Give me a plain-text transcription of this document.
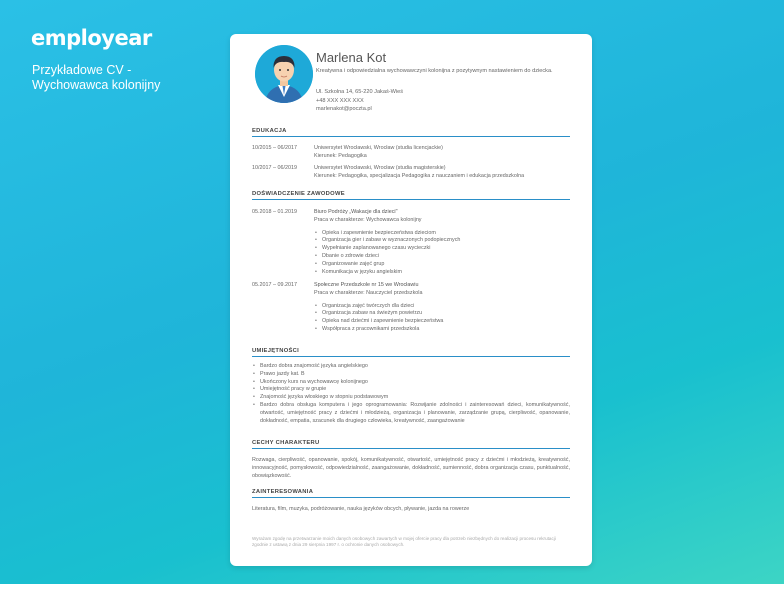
employear
Przykładowe CV -
Wychowawca kolonijny
Marlena Kot
Kreatywna i odpowiedzialna wychowawczyni kolonijna z pozytywnym nastawieniem do dziecka.
Ul. Szkolna 14, 65-220 Jakaś-Wieś
+48 XXX XXX XXX
marlenakot@poczta.pl
EDUKACJA
10/2015 – 06/2017	Uniwersytet Wrocławski, Wrocław (studia licencjackie)
Kierunek: Pedagogika
10/2017 – 06/2019	Uniwersytet Wrocławski, Wrocław (studia magisterskie)
Kierunek: Pedagogika, specjalizacja Pedagogika z nauczaniem i edukacja przedszkolna
DOŚWIADCZENIE ZAWODOWE
05.2018 – 01.2019	Biuro Podróży „Wakacje dla dzieci"
Praca w charakterze: Wychowawca kolonijny
• Opieka i zapewnienie bezpieczeństwa dzieciom
• Organizacja gier i zabaw w wyznaczonych podopiecznych
• Wypełnianie zaplanowanego czasu wycieczki
• Dbanie o zdrowie dzieci
• Organizowanie zajęć grup
• Komunikacja w języku angielskim
05.2017 – 09.2017	Społeczne Przedszkole nr 15 we Wrocławiu
Praca w charakterze: Nauczyciel przedszkola
• Organizacja zajęć twórczych dla dzieci
• Organizacja zabaw na świeżym powietrzu
• Opieka nad dziećmi i zapewnienie bezpieczeństwa
• Współpraca z pracownikami przedszkola
UMIEJĘTNOŚCI
• Bardzo dobra znajomość języka angielskiego
• Prawo jazdy kat. B
• Ukończony kurs na wychowawcę kolonijnego
• Umiejętność pracy w grupie
• Znajomość języka włoskiego w stopniu podstawowym
• Bardzo dobra obsługa komputera i jego oprogramowania: Rozwijanie zdolności i zainteresowań dzieci, komunikatywność, otwartość, umiejętność pracy z dziećmi i młodzieżą, organizacja i planowanie, zarządzanie grupą, cierpliwość, opanowanie, dokładność, empatia, szacunek dla drugiego człowieka, kreatywność, zaangażowanie
CECHY CHARAKTERU
Rozwaga, cierpliwość, opanowanie, spokój, komunikatywność, otwartość, umiejętność pracy z dziećmi i młodzieżą, kreatywność, innowacyjność, pomysłowość, odpowiedzialność, zaangażowanie, dokładność, sumienność, dobra organizacja czasu, punktualność, obowiązkowość.
ZAINTERESOWANIA
Literatura, film, muzyka, podróżowanie, nauka języków obcych, pływanie, jazda na rowerze
Wyrażam zgodę na przetwarzanie moich danych osobowych zawartych w mojej ofercie pracy dla potrzeb niezbędnych do realizacji procesu rekrutacji zgodnie z ustawą z dnia 29 sierpnia 1997 r. o ochronie danych osobowych.
